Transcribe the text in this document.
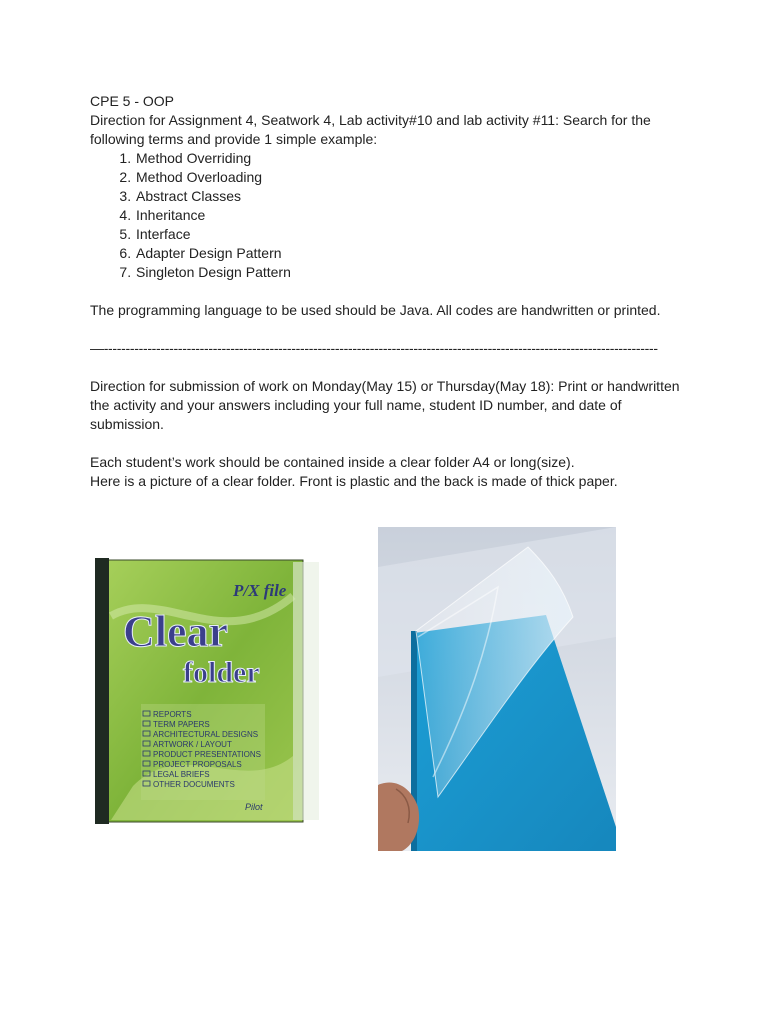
CPE 5 - OOP

Direction for Assignment 4, Seatwork 4, Lab activity#10 and lab activity #11: Search for the following terms and provide 1 simple example:

1. Method Overriding
2. Method Overloading
3. Abstract Classes
4. Inheritance
5. Interface
6. Adapter Design Pattern
7. Singleton Design Pattern

The programming language to be used should be Java. All codes are handwritten or printed.

—-------------------------------------------------------------------------------------------------------------------------------

Direction for submission of work on Monday(May 15) or Thursday(May 18): Print or handwritten the activity and your answers including your full name, student ID number, and date of submission.

Each student’s work should be contained inside a clear folder A4 or long(size).

Here is a picture of a clear folder. Front is plastic and the back is made of thick paper.

P/X file
Clear
folder
REPORTS
TERM PAPERS
ARCHITECTURAL DESIGNS
ARTWORK / LAYOUT
PRODUCT PRESENTATIONS
PROJECT PROPOSALS
LEGAL BRIEFS
OTHER DOCUMENTS
Pilot
